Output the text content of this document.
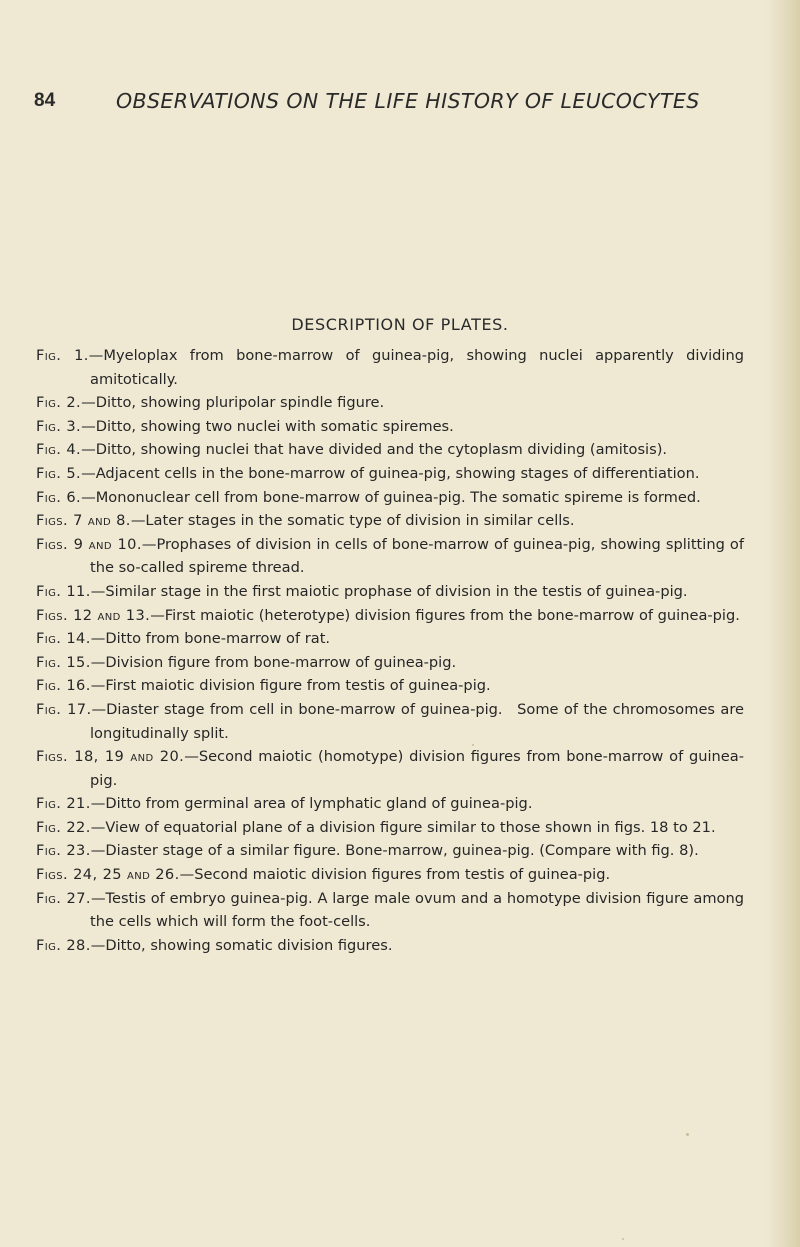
84	OBSERVATIONS ON THE LIFE HISTORY OF LEUCOCYTES
DESCRIPTION OF PLATES.
Fig. 1.—Myeloplax from bone-marrow of guinea-pig, showing nuclei apparently dividing amitotically.
Fig. 2.—Ditto, showing pluripolar spindle figure.
Fig. 3.—Ditto, showing two nuclei with somatic spiremes.
Fig. 4.—Ditto, showing nuclei that have divided and the cytoplasm dividing (amitosis).
Fig. 5.—Adjacent cells in the bone-marrow of guinea-pig, showing stages of differentiation.
Fig. 6.—Mononuclear cell from bone-marrow of guinea-pig. The somatic spireme is formed.
Figs. 7 and 8.—Later stages in the somatic type of division in similar cells.
Figs. 9 and 10.—Prophases of division in cells of bone-marrow of guinea-pig, showing splitting of the so-called spireme thread.
Fig. 11.—Similar stage in the first maiotic prophase of division in the testis of guinea-pig.
Figs. 12 and 13.—First maiotic (heterotype) division figures from the bone-marrow of guinea-pig.
Fig. 14.—Ditto from bone-marrow of rat.
Fig. 15.—Division figure from bone-marrow of guinea-pig.
Fig. 16.—First maiotic division figure from testis of guinea-pig.
Fig. 17.—Diaster stage from cell in bone-marrow of guinea-pig. Some of the chromosomes are longitudinally split.
Figs. 18, 19 and 20.—Second maiotic (homotype) division figures from bone-marrow of guinea-pig.
Fig. 21.—Ditto from germinal area of lymphatic gland of guinea-pig.
Fig. 22.—View of equatorial plane of a division figure similar to those shown in figs. 18 to 21.
Fig. 23.—Diaster stage of a similar figure. Bone-marrow, guinea-pig. (Compare with fig. 8).
Figs. 24, 25 and 26.—Second maiotic division figures from testis of guinea-pig.
Fig. 27.—Testis of embryo guinea-pig. A large male ovum and a homotype division figure among the cells which will form the foot-cells.
Fig. 28.—Ditto, showing somatic division figures.
